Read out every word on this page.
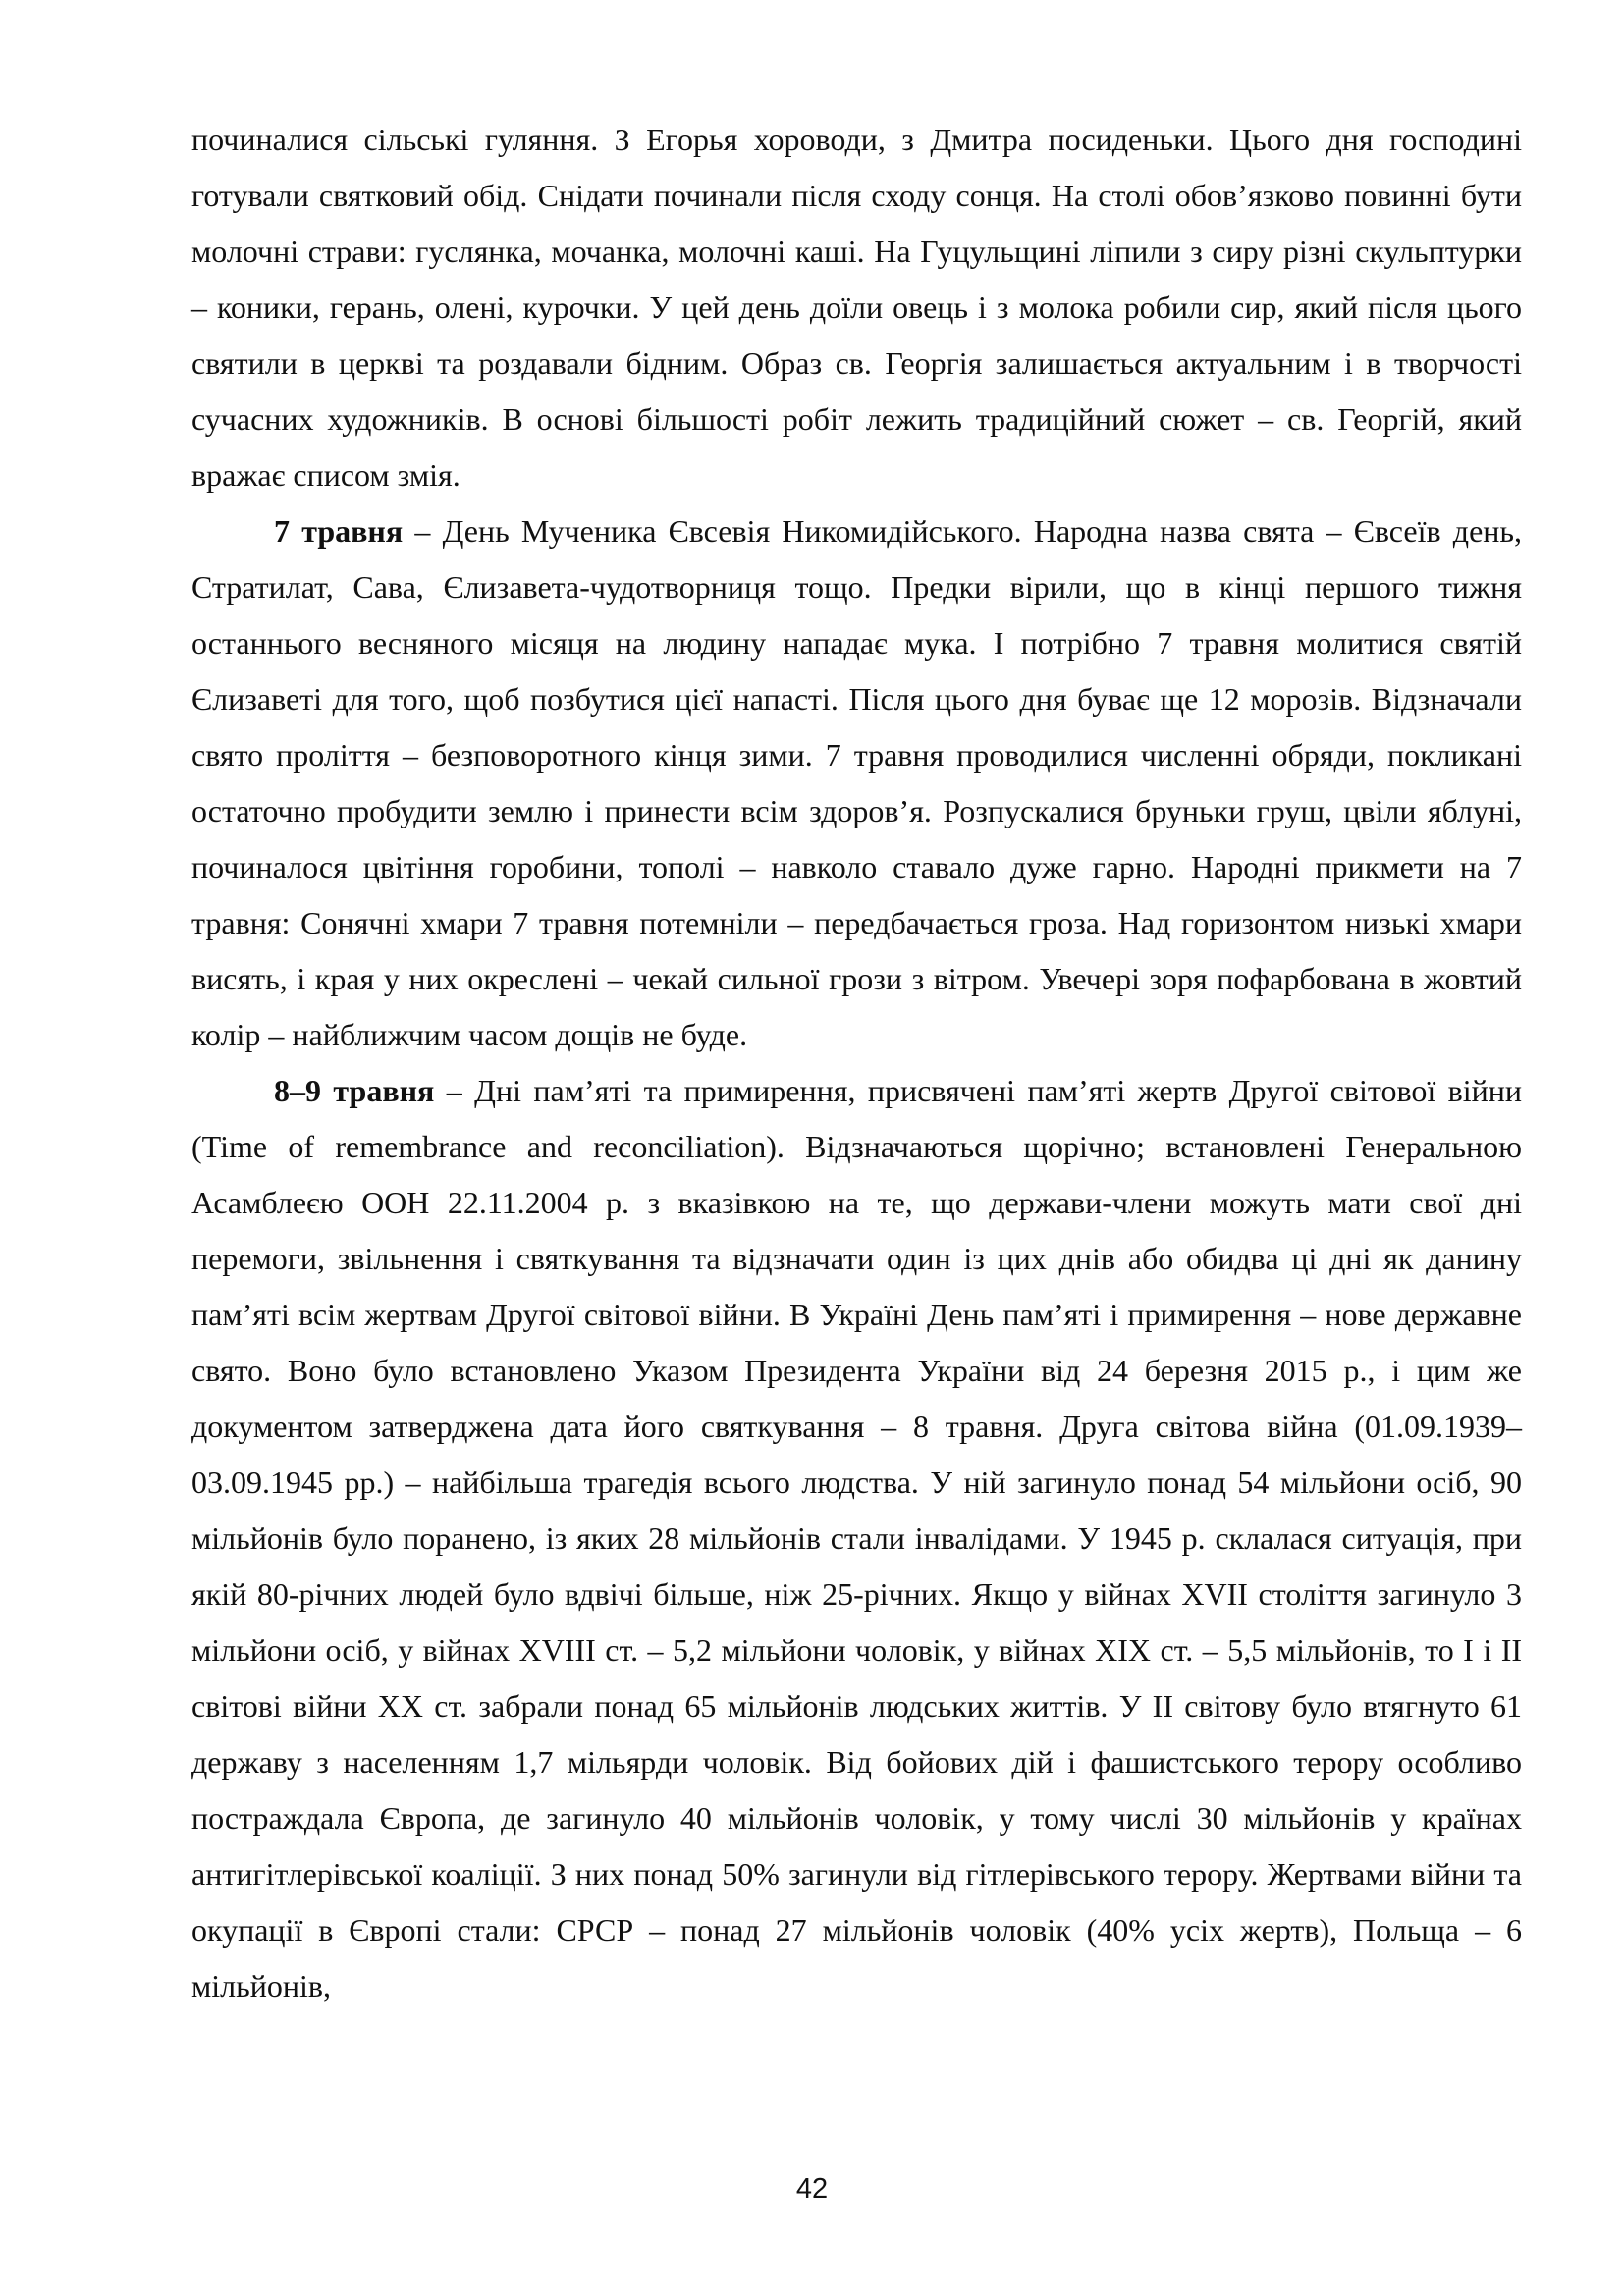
починалися сільські гуляння. З Егорья хороводи, з Дмитра посиденьки. Цього дня господині готували святковий обід. Снідати починали після сходу сонця. На столі обов’язково повинні бути молочні страви: гуслянка, мочанка, молочні каші. На Гуцульщині ліпили з сиру різні скульптурки – коники, герань, олені, курочки. У цей день доїли овець і з молока робили сир, який після цього святили в церкві та роздавали бідним. Образ св. Георгія залишається актуальним і в творчості сучасних художників. В основі більшості робіт лежить традиційний сюжет – св. Георгій, який вражає списом змія.

7 травня – День Мученика Євсевія Никомидійського. Народна назва свята – Євсеїв день, Стратилат, Сава, Єлизавета-чудотворниця тощо. Предки вірили, що в кінці першого тижня останнього весняного місяця на людину нападає мука. І потрібно 7 травня молитися святій Єлизаветі для того, щоб позбутися цієї напасті. Після цього дня буває ще 12 морозів. Відзначали свято проліття – безповоротного кінця зими. 7 травня проводилися численні обряди, покликані остаточно пробудити землю і принести всім здоров’я. Розпускалися бруньки груш, цвіли яблуні, починалося цвітіння горобини, тополі – навколо ставало дуже гарно. Народні прикмети на 7 травня: Сонячні хмари 7 травня потемніли – передбачається гроза. Над горизонтом низькі хмари висять, і края у них окреслені – чекай сильної грози з вітром. Увечері зоря пофарбована в жовтий колір – найближчим часом дощів не буде.

8–9 травня – Дні пам’яті та примирення, присвячені пам’яті жертв Другої світової війни (Time of remembrance and reconciliation). Відзначаються щорічно; встановлені Генеральною Асамблеєю ООН 22.11.2004 р. з вказівкою на те, що держави-члени можуть мати свої дні перемоги, звільнення і святкування та відзначати один із цих днів або обидва ці дні як данину пам’яті всім жертвам Другої світової війни. В Україні День пам’яті і примирення – нове державне свято. Воно було встановлено Указом Президента України від 24 березня 2015 р., і цим же документом затверджена дата його святкування – 8 травня. Друга світова війна (01.09.1939–03.09.1945 рр.) – найбільша трагедія всього людства. У ній загинуло понад 54 мільйони осіб, 90 мільйонів було поранено, із яких 28 мільйонів стали інвалідами. У 1945 р. склалася ситуація, при якій 80-річних людей було вдвічі більше, ніж 25-річних. Якщо у війнах XVII століття загинуло 3 мільйони осіб, у війнах XVIII ст. – 5,2 мільйони чоловік, у війнах XIX ст. – 5,5 мільйонів, то I і II світові війни XX ст. забрали понад 65 мільйонів людських життів. У II світову було втягнуто 61 державу з населенням 1,7 мільярди чоловік. Від бойових дій і фашистського терору особливо постраждала Європа, де загинуло 40 мільйонів чоловік, у тому числі 30 мільйонів у країнах антигітлерівської коаліції. З них понад 50% загинули від гітлерівського терору. Жертвами війни та окупації в Європі стали: СРСР – понад 27 мільйонів чоловік (40% усіх жертв), Польща – 6 мільйонів,

42
